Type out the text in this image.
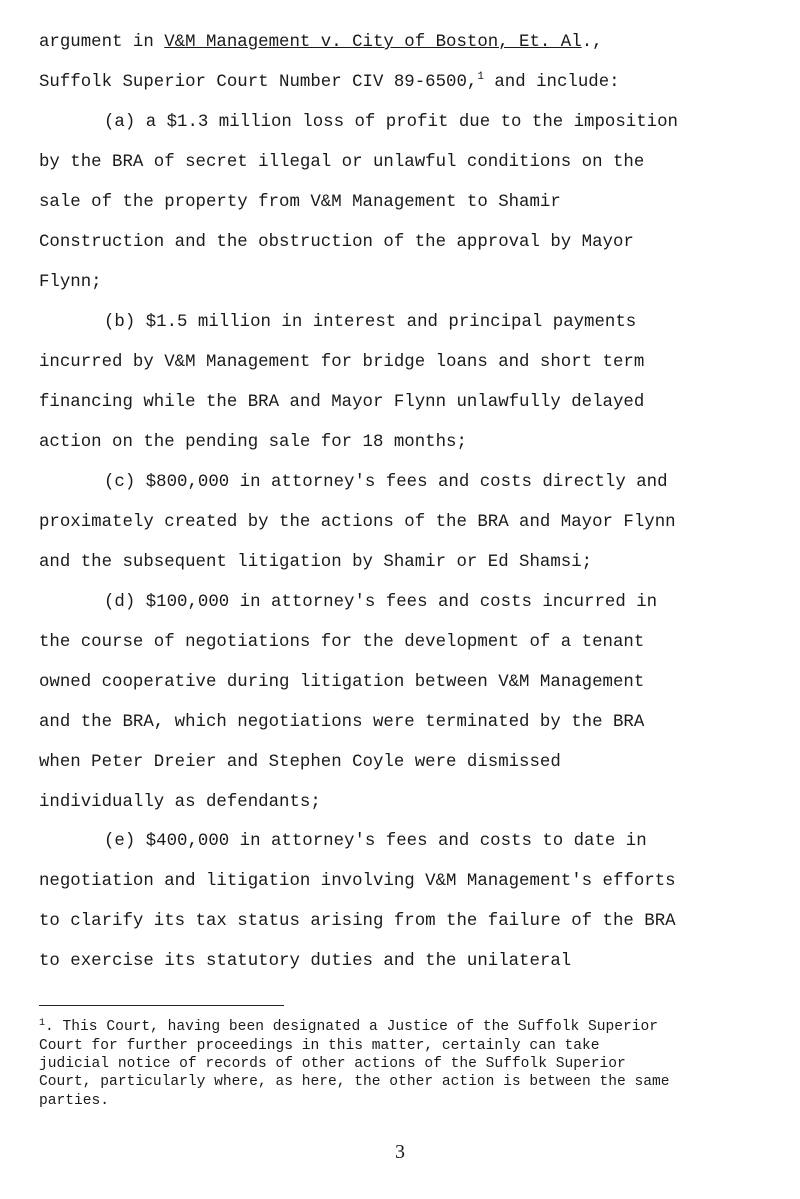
argument in V&M Management v. City of Boston, Et. Al.,
Suffolk Superior Court Number CIV 89-6500,$^1$ and include:
(a) a $1.3 million loss of profit due to the imposition
by the BRA of secret illegal or unlawful conditions on the
sale of the property from V&M Management to Shamir
Construction and the obstruction of the approval by Mayor
Flynn;
(b) $1.5 million in interest and principal payments
incurred by V&M Management for bridge loans and short term
financing while the BRA and Mayor Flynn unlawfully delayed
action on the pending sale for 18 months;
(c) $800,000 in attorney's fees and costs directly and
proximately created by the actions of the BRA and Mayor Flynn
and the subsequent litigation by Shamir or Ed Shamsi;
(d) $100,000 in attorney's fees and costs incurred in
the course of negotiations for the development of a tenant
owned cooperative during litigation between V&M Management
and the BRA, which negotiations were terminated by the BRA
when Peter Dreier and Stephen Coyle were dismissed
individually as defendants;
(e) $400,000 in attorney's fees and costs to date in
negotiation and litigation involving V&M Management's efforts
to clarify its tax status arising from the failure of the BRA
to exercise its statutory duties and the unilateral
$^1$. This Court, having been designated a Justice of the Suffolk Superior
Court for further proceedings in this matter, certainly can take
judicial notice of records of other actions of the Suffolk Superior
Court, particularly where, as here, the other action is between the same
parties.
3
